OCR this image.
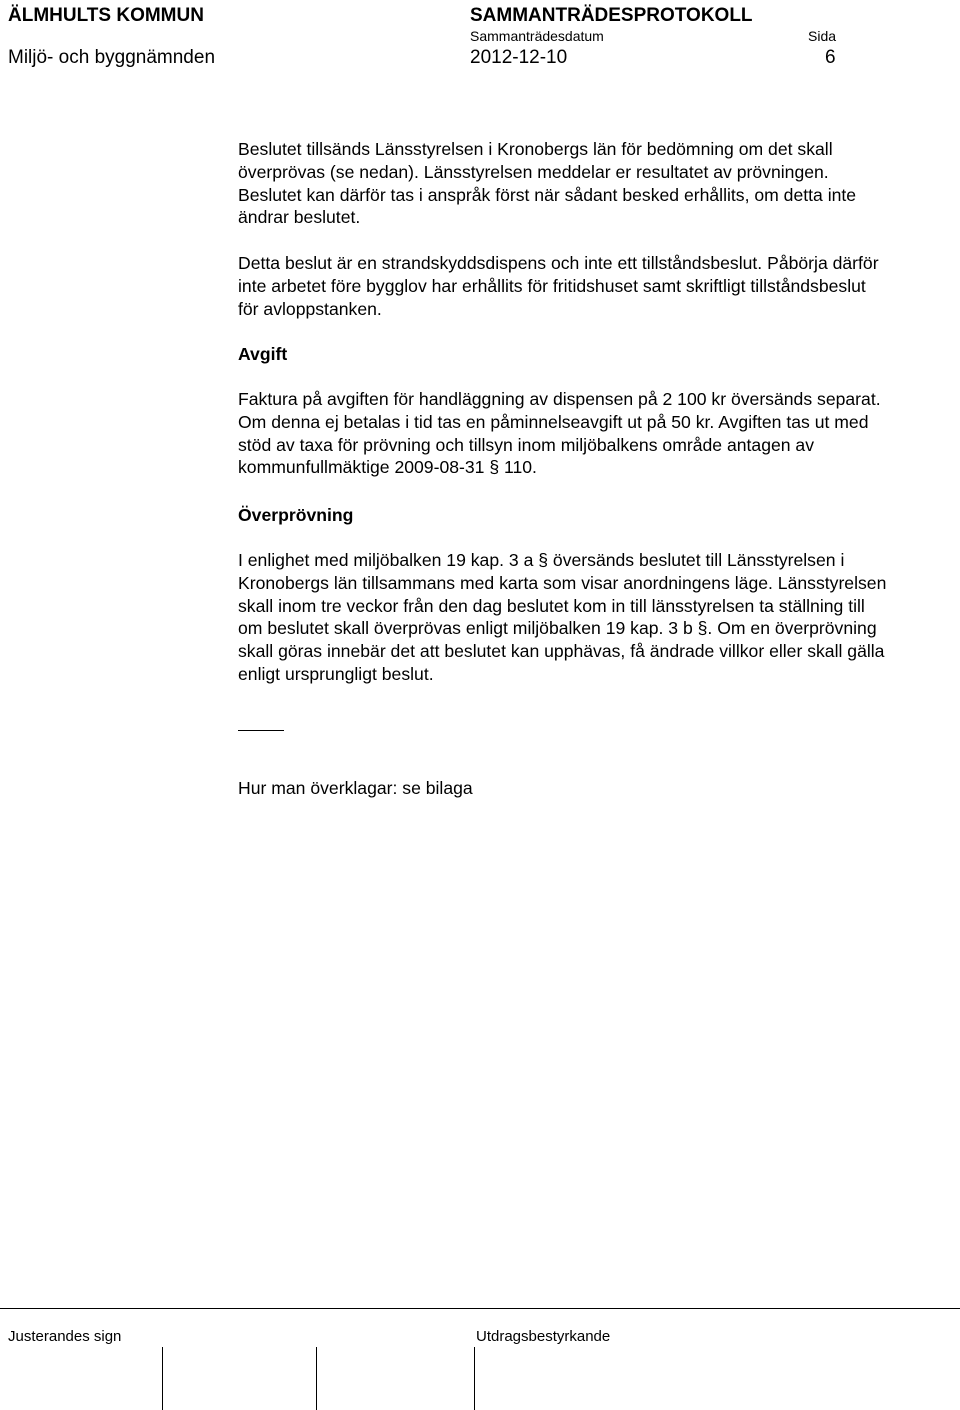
ÄLMHULTS KOMMUN
Miljö- och byggnämnden
SAMMANTRÄDESPROTOKOLL
Sammanträdesdatum
2012-12-10
Sida
6

Beslutet tillsänds Länsstyrelsen i Kronobergs län för bedömning om det skall överprövas (se nedan). Länsstyrelsen meddelar er resultatet av prövningen. Beslutet kan därför tas i anspråk först när sådant besked erhållits, om detta inte ändrar beslutet.

Detta beslut är en strandskyddsdispens och inte ett tillståndsbeslut. Påbörja därför inte arbetet före bygglov har erhållits för fritidshuset samt skriftligt tillståndsbeslut för avloppstanken.

Avgift

Faktura på avgiften för handläggning av dispensen på 2 100 kr översänds separat. Om denna ej betalas i tid tas en påminnelseavgift ut på 50 kr. Avgiften tas ut med stöd av taxa för prövning och tillsyn inom miljöbalkens område antagen av kommunfullmäktige 2009-08-31 § 110.

Överprövning

I enlighet med miljöbalken 19 kap. 3 a § översänds beslutet till Länsstyrelsen i Kronobergs län tillsammans med karta som visar anordningens läge. Länsstyrelsen skall inom tre veckor från den dag beslutet kom in till länsstyrelsen ta ställning till om beslutet skall överprövas enligt miljöbalken 19 kap. 3 b §. Om en överprövning skall göras innebär det att beslutet kan upphävas, få ändrade villkor eller skall gälla enligt ursprungligt beslut.

Hur man överklagar: se bilaga

Justerandes sign	Utdragsbestyrkande
